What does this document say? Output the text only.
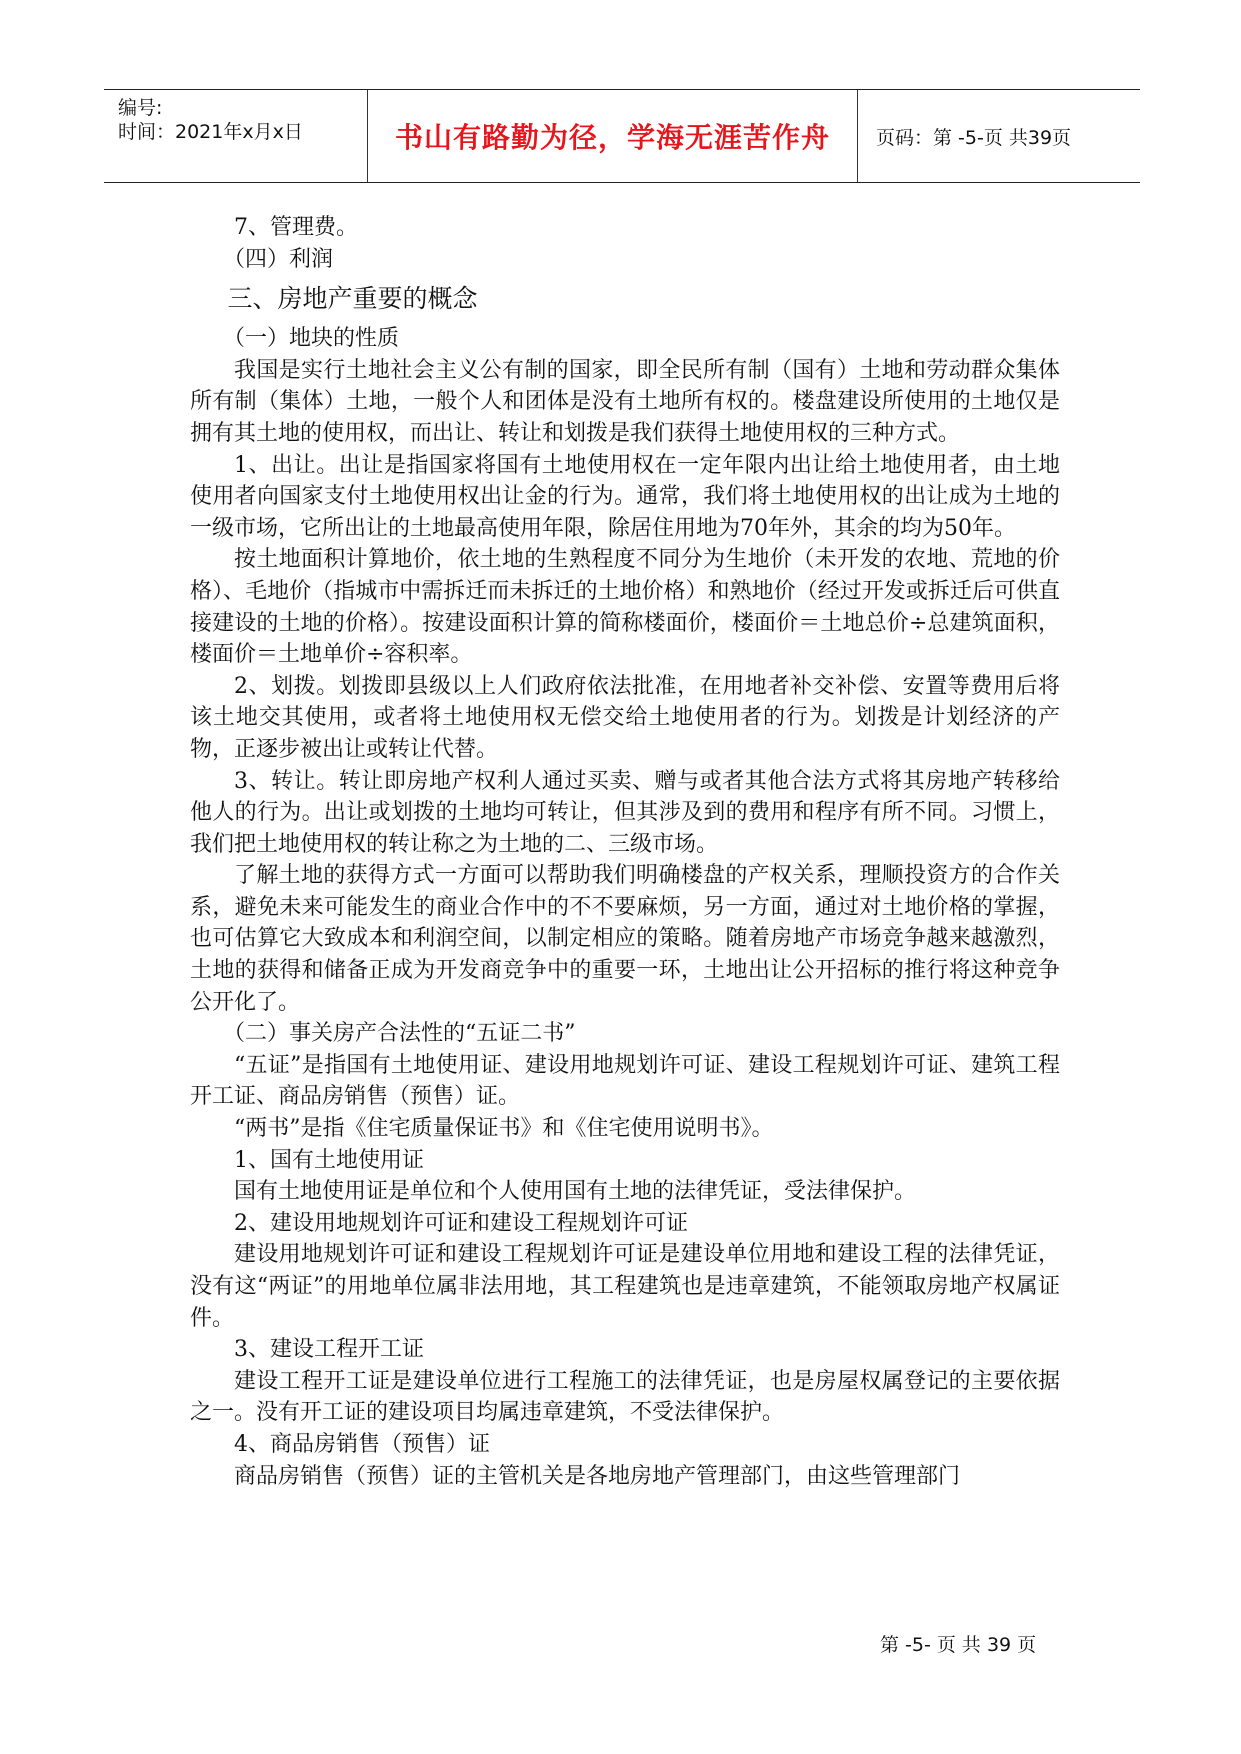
编号:
时间：2021年x月x日	书山有路勤为径，学海无涯苦作舟 页码：第 -5-页 共39页

7、管理费。

（四）利润

三、房地产重要的概念

（一）地块的性质

我国是实行土地社会主义公有制的国家，即全民所有制（国有）土地和劳动群众集体所有制（集体）土地，一般个人和团体是没有土地所有权的。楼盘建设所使用的土地仅是拥有其土地的使用权，而出让、转让和划拨是我们获得土地使用权的三种方式。

1、出让。出让是指国家将国有土地使用权在一定年限内出让给土地使用者，由土地使用者向国家支付土地使用权出让金的行为。通常，我们将土地使用权的出让成为土地的一级市场，它所出让的土地最高使用年限，除居住用地为70年外，其余的均为50年。

按土地面积计算地价，依土地的生熟程度不同分为生地价（未开发的农地、荒地的价格）、毛地价（指城市中需拆迁而未拆迁的土地价格）和熟地价（经过开发或拆迁后可供直接建设的土地的价格）。按建设面积计算的简称楼面价，楼面价＝土地总价÷总建筑面积，楼面价＝土地单价÷容积率。

2、划拨。划拨即县级以上人们政府依法批准，在用地者补交补偿、安置等费用后将该土地交其使用，或者将土地使用权无偿交给土地使用者的行为。划拨是计划经济的产物，正逐步被出让或转让代替。

3、转让。转让即房地产权利人通过买卖、赠与或者其他合法方式将其房地产转移给他人的行为。出让或划拨的土地均可转让，但其涉及到的费用和程序有所不同。习惯上，我们把土地使用权的转让称之为土地的二、三级市场。

了解土地的获得方式一方面可以帮助我们明确楼盘的产权关系，理顺投资方的合作关系，避免未来可能发生的商业合作中的不不要麻烦，另一方面，通过对土地价格的掌握，也可估算它大致成本和利润空间，以制定相应的策略。随着房地产市场竞争越来越激烈，土地的获得和储备正成为开发商竞争中的重要一环，土地出让公开招标的推行将这种竞争公开化了。

（二）事关房产合法性的“五证二书”

“五证”是指国有土地使用证、建设用地规划许可证、建设工程规划许可证、建筑工程开工证、商品房销售（预售）证。

“两书”是指《住宅质量保证书》和《住宅使用说明书》。

1、国有土地使用证

国有土地使用证是单位和个人使用国有土地的法律凭证，受法律保护。

2、建设用地规划许可证和建设工程规划许可证

建设用地规划许可证和建设工程规划许可证是建设单位用地和建设工程的法律凭证，没有这“两证”的用地单位属非法用地，其工程建筑也是违章建筑，不能领取房地产权属证件。

3、建设工程开工证

建设工程开工证是建设单位进行工程施工的法律凭证，也是房屋权属登记的主要依据之一。没有开工证的建设项目均属违章建筑，不受法律保护。

4、商品房销售（预售）证

商品房销售（预售）证的主管机关是各地房地产管理部门，由这些管理部门

第 -5- 页 共 39 页
